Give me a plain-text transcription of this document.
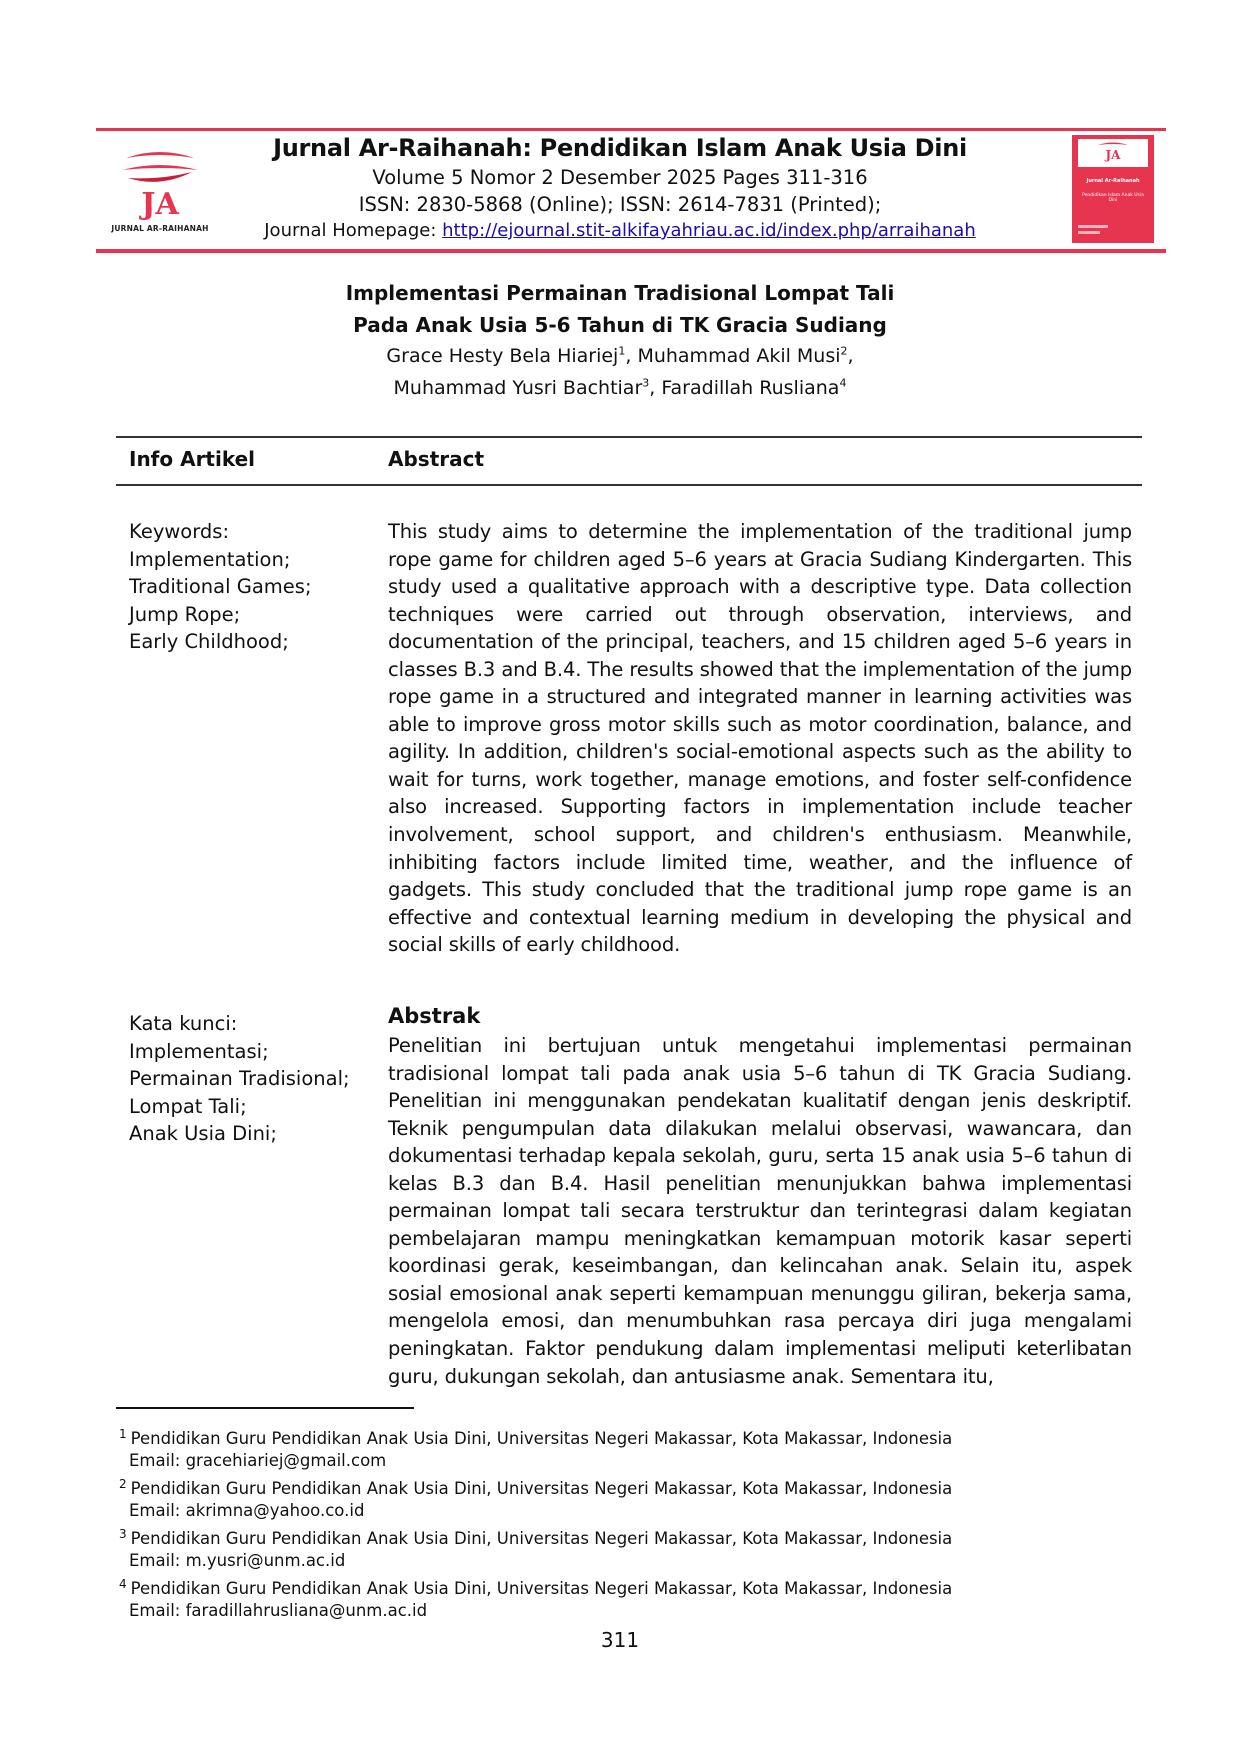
JA
JURNAL AR-RAIHANAH
Jurnal Ar-Raihanah: Pendidikan Islam Anak Usia Dini
Volume 5 Nomor 2 Desember 2025 Pages 311-316
ISSN: 2830-5868 (Online); ISSN: 2614-7831 (Printed);
Journal Homepage: http://ejournal.stit-alkifayahriau.ac.id/index.php/arraihanah
JA
Jurnal Ar-Raihanah
Pendidikan Islam Anak Usia Dini
Implementasi Permainan Tradisional Lompat Tali
Pada Anak Usia 5-6 Tahun di TK Gracia Sudiang
Grace Hesty Bela Hiariej$^1$, Muhammad Akil Musi$^2$,
Muhammad Yusri Bachtiar$^3$, Faradillah Rusliana$^4$
Info Artikel	Abstract
Keywords:
Implementation;
Traditional Games;
Jump Rope;
Early Childhood;
This study aims to determine the implementation of the traditional jump rope game for children aged 5–6 years at Gracia Sudiang Kindergarten. This study used a qualitative approach with a descriptive type. Data collection techniques were carried out through observation, interviews, and documentation of the principal, teachers, and 15 children aged 5–6 years in classes B.3 and B.4. The results showed that the implementation of the jump rope game in a structured and integrated manner in learning activities was able to improve gross motor skills such as motor coordination, balance, and agility. In addition, children's social-emotional aspects such as the ability to wait for turns, work together, manage emotions, and foster self-confidence also increased. Supporting factors in implementation include teacher involvement, school support, and children's enthusiasm. Meanwhile, inhibiting factors include limited time, weather, and the influence of gadgets. This study concluded that the traditional jump rope game is an effective and contextual learning medium in developing the physical and social skills of early childhood.
Kata kunci:
Implementasi;
Permainan Tradisional;
Lompat Tali;
Anak Usia Dini;
Abstrak
Penelitian ini bertujuan untuk mengetahui implementasi permainan tradisional lompat tali pada anak usia 5–6 tahun di TK Gracia Sudiang. Penelitian ini menggunakan pendekatan kualitatif dengan jenis deskriptif. Teknik pengumpulan data dilakukan melalui observasi, wawancara, dan dokumentasi terhadap kepala sekolah, guru, serta 15 anak usia 5–6 tahun di kelas B.3 dan B.4. Hasil penelitian menunjukkan bahwa implementasi permainan lompat tali secara terstruktur dan terintegrasi dalam kegiatan pembelajaran mampu meningkatkan kemampuan motorik kasar seperti koordinasi gerak, keseimbangan, dan kelincahan anak. Selain itu, aspek sosial emosional anak seperti kemampuan menunggu giliran, bekerja sama, mengelola emosi, dan menumbuhkan rasa percaya diri juga mengalami peningkatan. Faktor pendukung dalam implementasi meliputi keterlibatan guru, dukungan sekolah, dan antusiasme anak. Sementara itu,
$^1$ Pendidikan Guru Pendidikan Anak Usia Dini, Universitas Negeri Makassar, Kota Makassar, Indonesia
Email: gracehiariej@gmail.com
$^2$ Pendidikan Guru Pendidikan Anak Usia Dini, Universitas Negeri Makassar, Kota Makassar, Indonesia
Email: akrimna@yahoo.co.id
$^3$ Pendidikan Guru Pendidikan Anak Usia Dini, Universitas Negeri Makassar, Kota Makassar, Indonesia
Email: m.yusri@unm.ac.id
$^4$ Pendidikan Guru Pendidikan Anak Usia Dini, Universitas Negeri Makassar, Kota Makassar, Indonesia
Email: faradillahrusliana@unm.ac.id
311
